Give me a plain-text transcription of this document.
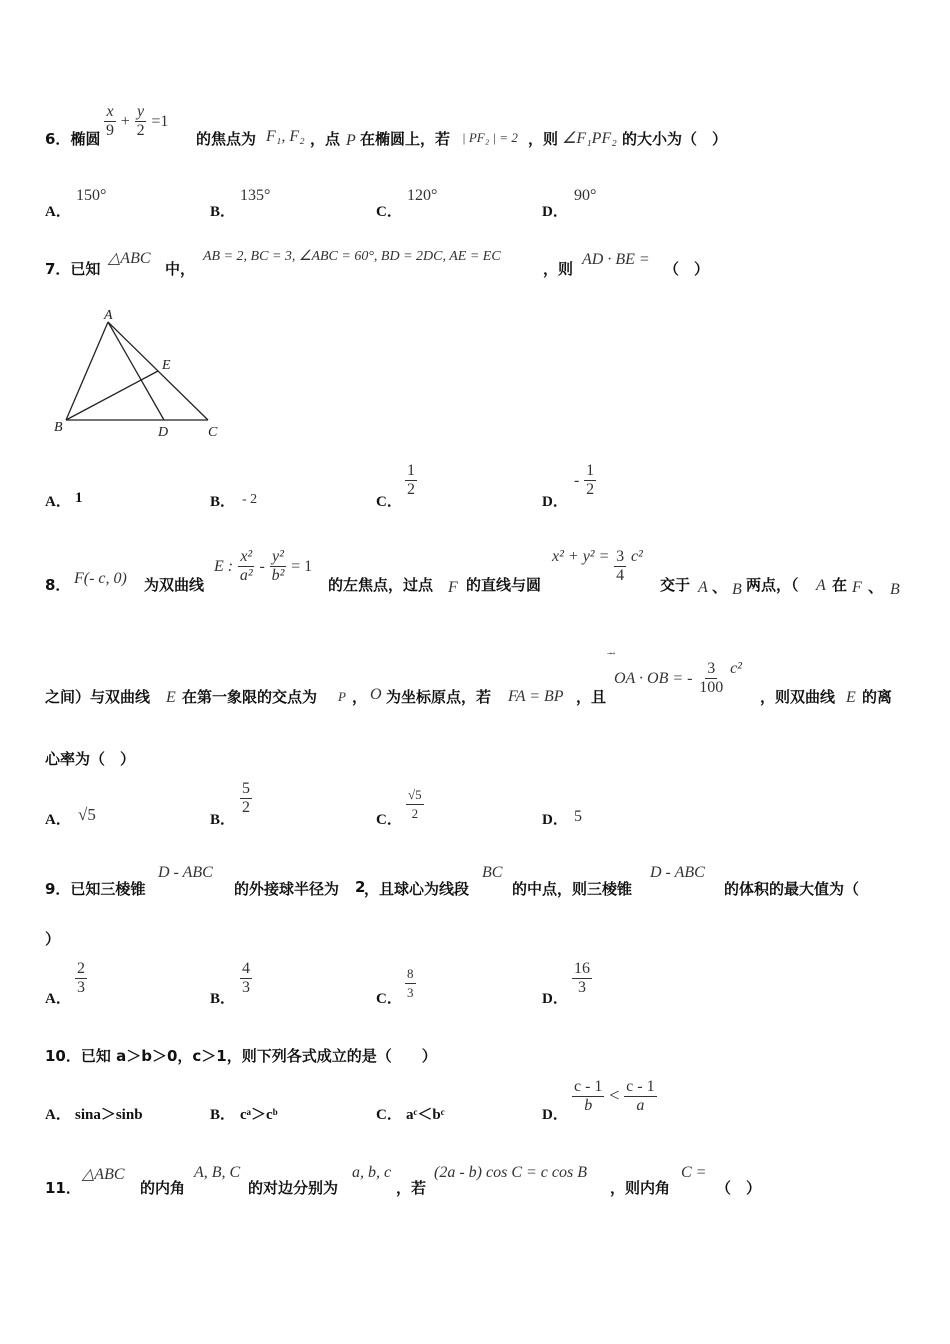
6．椭圆 $\frac{x}{9} + \frac{y}{2} =1$
的焦点为 F₁, F₂ ，点 P 在椭圆上，若 | PF₂ | = 2 ，则 ∠F₁PF₂ 的大小为（　）
A．
150°
B．
135°
C．
120°
D．
90°
7．已知
△ABC
中，
AB = 2, BC = 3, ∠ABC = 60°, BD = 2DC, AE = EC
，则
AD · BE =
（　）
A
B	D	C
E
A． 1	B． - 2	C．
$\frac{1}{2}$
D．
- $\frac{1}{2}$
8． F(- c, 0) 为双曲线
E : $\frac{\text{x²}}{\text{a²}} - \frac{\text{y²}}{\text{b²}} = 1$
的左焦点，过点 F 的直线与圆
$x^2 + y^2 = \frac{3}{4} c^2$
交于 A 、 B 两点，（ A 在 F 、 B
之间）与双曲线 E 在第一象限的交点为 P ， O 为坐标原点，若 FA = BP ，且
⃗ ⃗
OA · OB = - $\frac{3}{100} c^2$
，则双曲线 E 的离
心率为（　）
A． √5	B．
$\frac{5}{2}$
C． $\frac{√5}{2}$	D． 5
9．已知三棱锥
D - ABC
的外接球半径为 2
，且球心为线段
BC
的中点，则三棱锥
D - ABC
的体积的最大值为（
）
A．
$\frac{2}{3}$
B．
$\frac{4}{3}$
C． $\frac{8}{3}$	D．
$\frac{16}{3}$
10．已知 a＞b＞0，c＞1，则下列各式成立的是（　　）
A． sina＞sinb	B． cᵃ＞cᵇ	C． aᶜ＜bᶜ	D． $\frac{c - 1}{b} < \frac{c - 1}{a}$
11．
△ABC
的内角
A, B, C
的对边分别为
a, b, c
，若
(2a - b) cos C = c cos B
，则内角
C =
（　）
